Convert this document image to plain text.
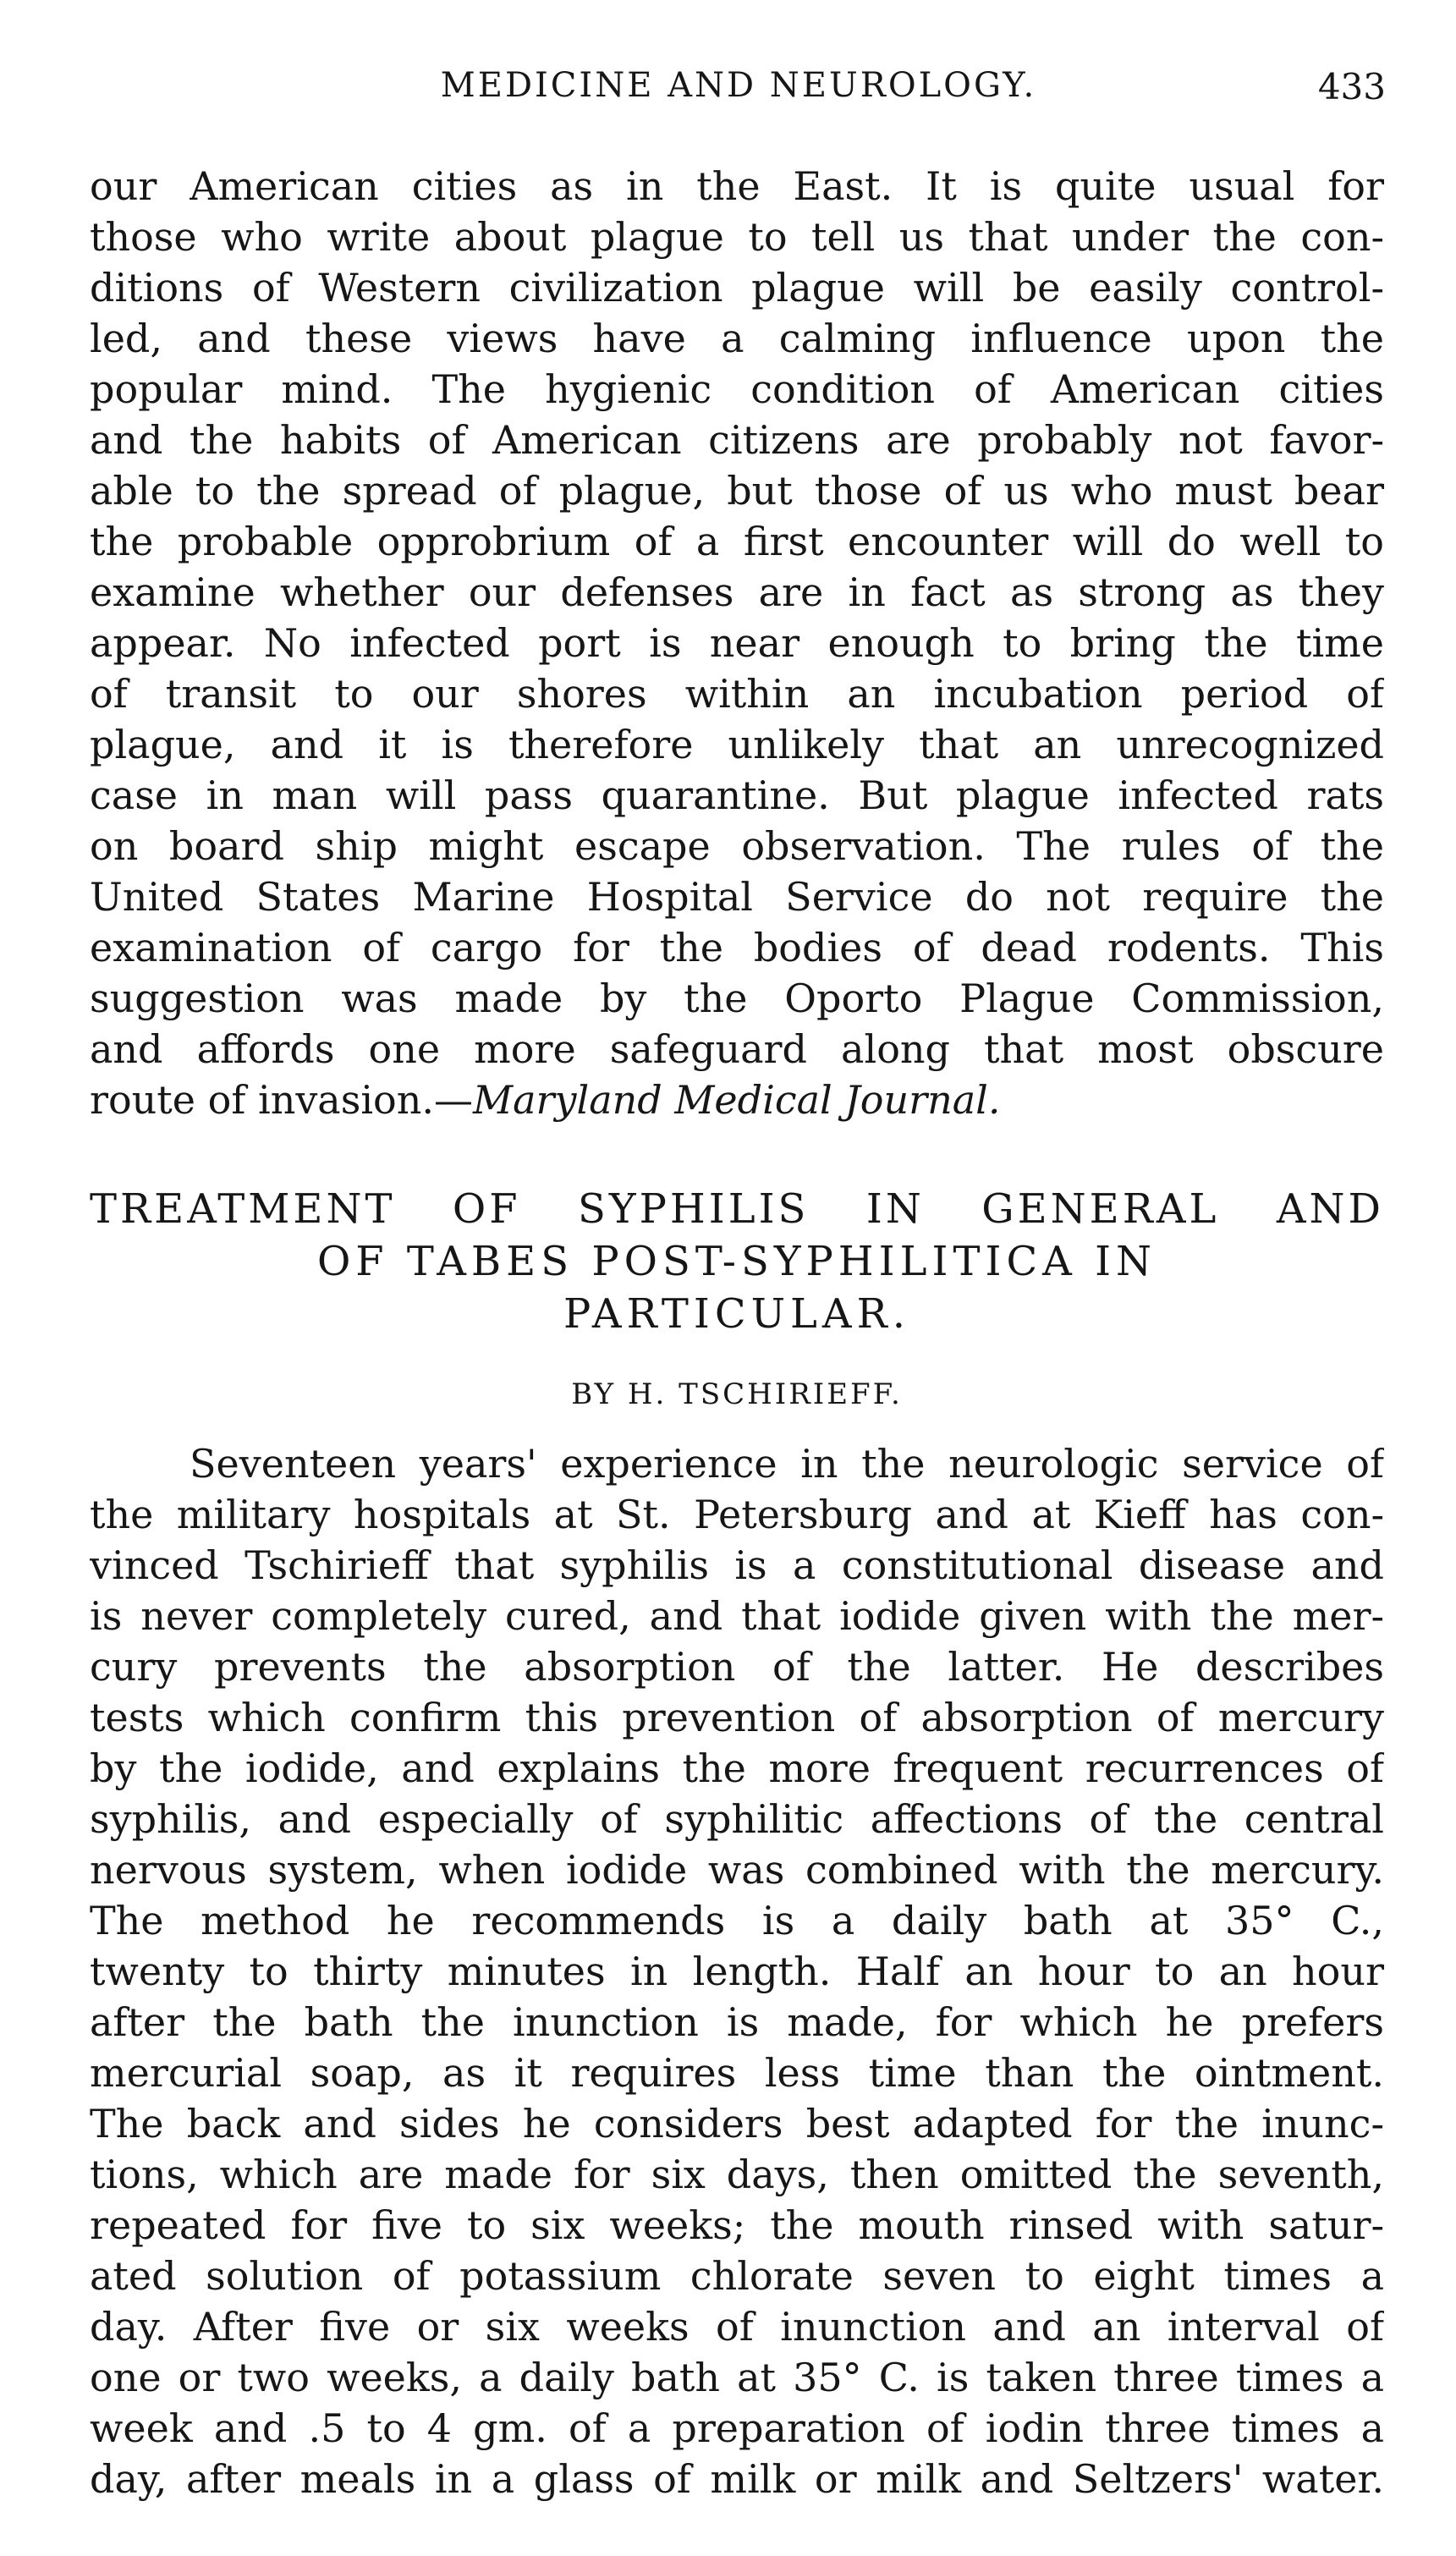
MEDICINE AND NEUROLOGY.	433

our American cities as in the East. It is quite usual for

those who write about plague to tell us that under the con-

ditions of Western civilization plague will be easily control-

led, and these views have a calming influence upon the

popular mind. The hygienic condition of American cities

and the habits of American citizens are probably not favor-

able to the spread of plague, but those of us who must bear

the probable opprobrium of a first encounter will do well to

examine whether our defenses are in fact as strong as they

appear. No infected port is near enough to bring the time

of transit to our shores within an incubation period of

plague, and it is therefore unlikely that an unrecognized

case in man will pass quarantine. But plague infected rats

on board ship might escape observation. The rules of the

United States Marine Hospital Service do not require the

examination of cargo for the bodies of dead rodents. This

suggestion was made by the Oporto Plague Commission,

and affords one more safeguard along that most obscure

route of invasion.—Maryland Medical Journal.

TREATMENT OF SYPHILIS IN GENERAL AND
OF TABES POST-SYPHILITICA IN
PARTICULAR.
BY H. TSCHIRIEFF.

Seventeen years' experience in the neurologic service of

the military hospitals at St. Petersburg and at Kieff has con-

vinced Tschirieff that syphilis is a constitutional disease and

is never completely cured, and that iodide given with the mer-

cury prevents the absorption of the latter. He describes

tests which confirm this prevention of absorption of mercury

by the iodide, and explains the more frequent recurrences of

syphilis, and especially of syphilitic affections of the central

nervous system, when iodide was combined with the mercury.

The method he recommends is a daily bath at 35° C.,

twenty to thirty minutes in length. Half an hour to an hour

after the bath the inunction is made, for which he prefers

mercurial soap, as it requires less time than the ointment.

The back and sides he considers best adapted for the inunc-

tions, which are made for six days, then omitted the seventh,

repeated for five to six weeks; the mouth rinsed with satur-

ated solution of potassium chlorate seven to eight times a

day. After five or six weeks of inunction and an interval of

one or two weeks, a daily bath at 35° C. is taken three times a

week and .5 to 4 gm. of a preparation of iodin three times a

day, after meals in a glass of milk or milk and Seltzers' water.
